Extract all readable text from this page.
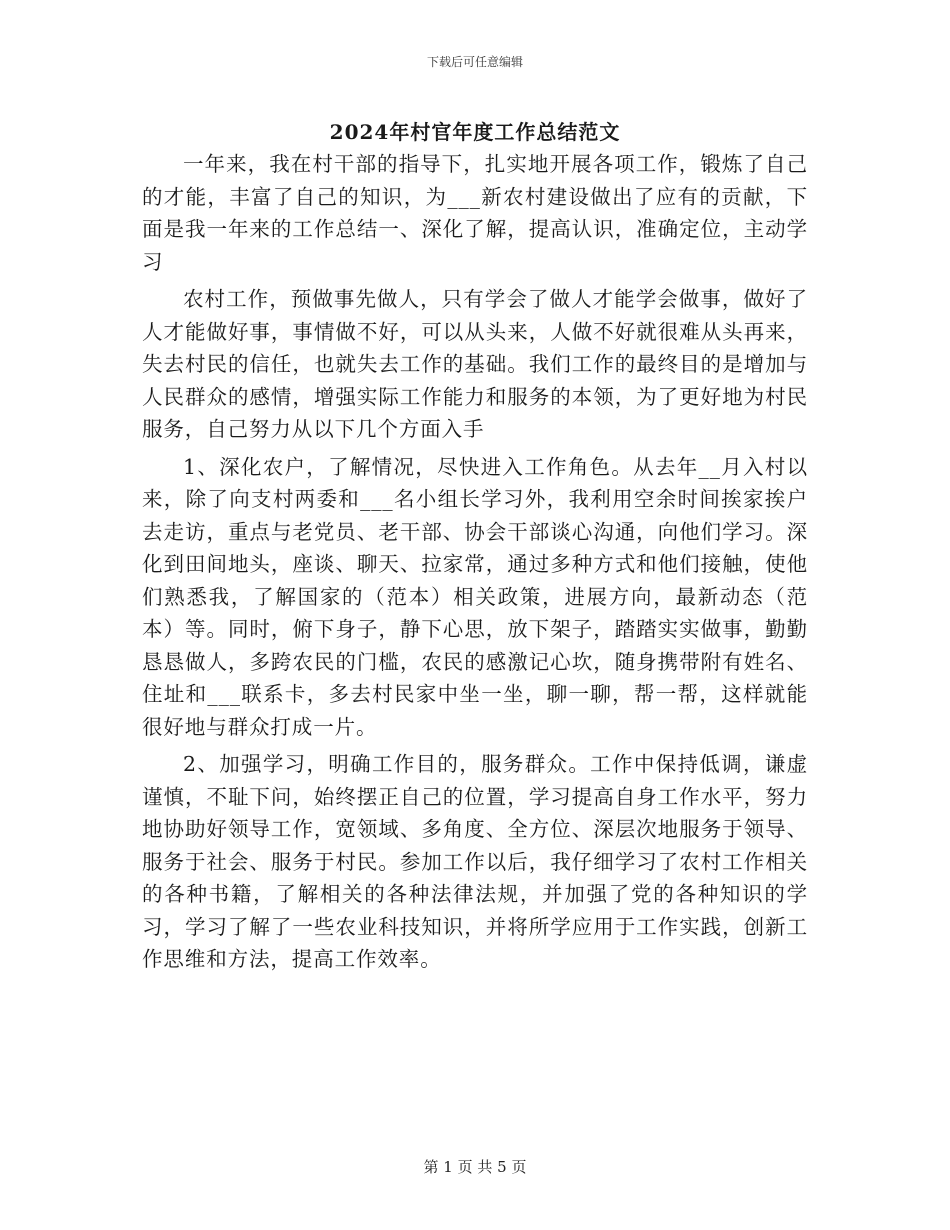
下载后可任意编辑
2024年村官年度工作总结范文

一年来，我在村干部的指导下，扎实地开展各项工作，锻炼了自己的才能，丰富了自己的知识，为___新农村建设做出了应有的贡献，下面是我一年来的工作总结一、深化了解，提高认识，准确定位，主动学习

农村工作，预做事先做人，只有学会了做人才能学会做事，做好了人才能做好事，事情做不好，可以从头来，人做不好就很难从头再来，失去村民的信任，也就失去工作的基础。我们工作的最终目的是增加与人民群众的感情，增强实际工作能力和服务的本领，为了更好地为村民服务，自己努力从以下几个方面入手

1、深化农户，了解情况，尽快进入工作角色。从去年__月入村以来，除了向支村两委和___名小组长学习外，我利用空余时间挨家挨户去走访，重点与老党员、老干部、协会干部谈心沟通，向他们学习。深化到田间地头，座谈、聊天、拉家常，通过多种方式和他们接触，使他们熟悉我，了解国家的（范本）相关政策，进展方向，最新动态（范本）等。同时，俯下身子，静下心思，放下架子，踏踏实实做事，勤勤恳恳做人，多跨农民的门槛，农民的感激记心坎，随身携带附有姓名、住址和___联系卡，多去村民家中坐一坐，聊一聊，帮一帮，这样就能很好地与群众打成一片。

2、加强学习，明确工作目的，服务群众。工作中保持低调，谦虚谨慎，不耻下问，始终摆正自己的位置，学习提高自身工作水平，努力地协助好领导工作，宽领域、多角度、全方位、深层次地服务于领导、服务于社会、服务于村民。参加工作以后，我仔细学习了农村工作相关的各种书籍，了解相关的各种法律法规，并加强了党的各种知识的学习，学习了解了一些农业科技知识，并将所学应用于工作实践，创新工作思维和方法，提高工作效率。

第 1 页 共 5 页
